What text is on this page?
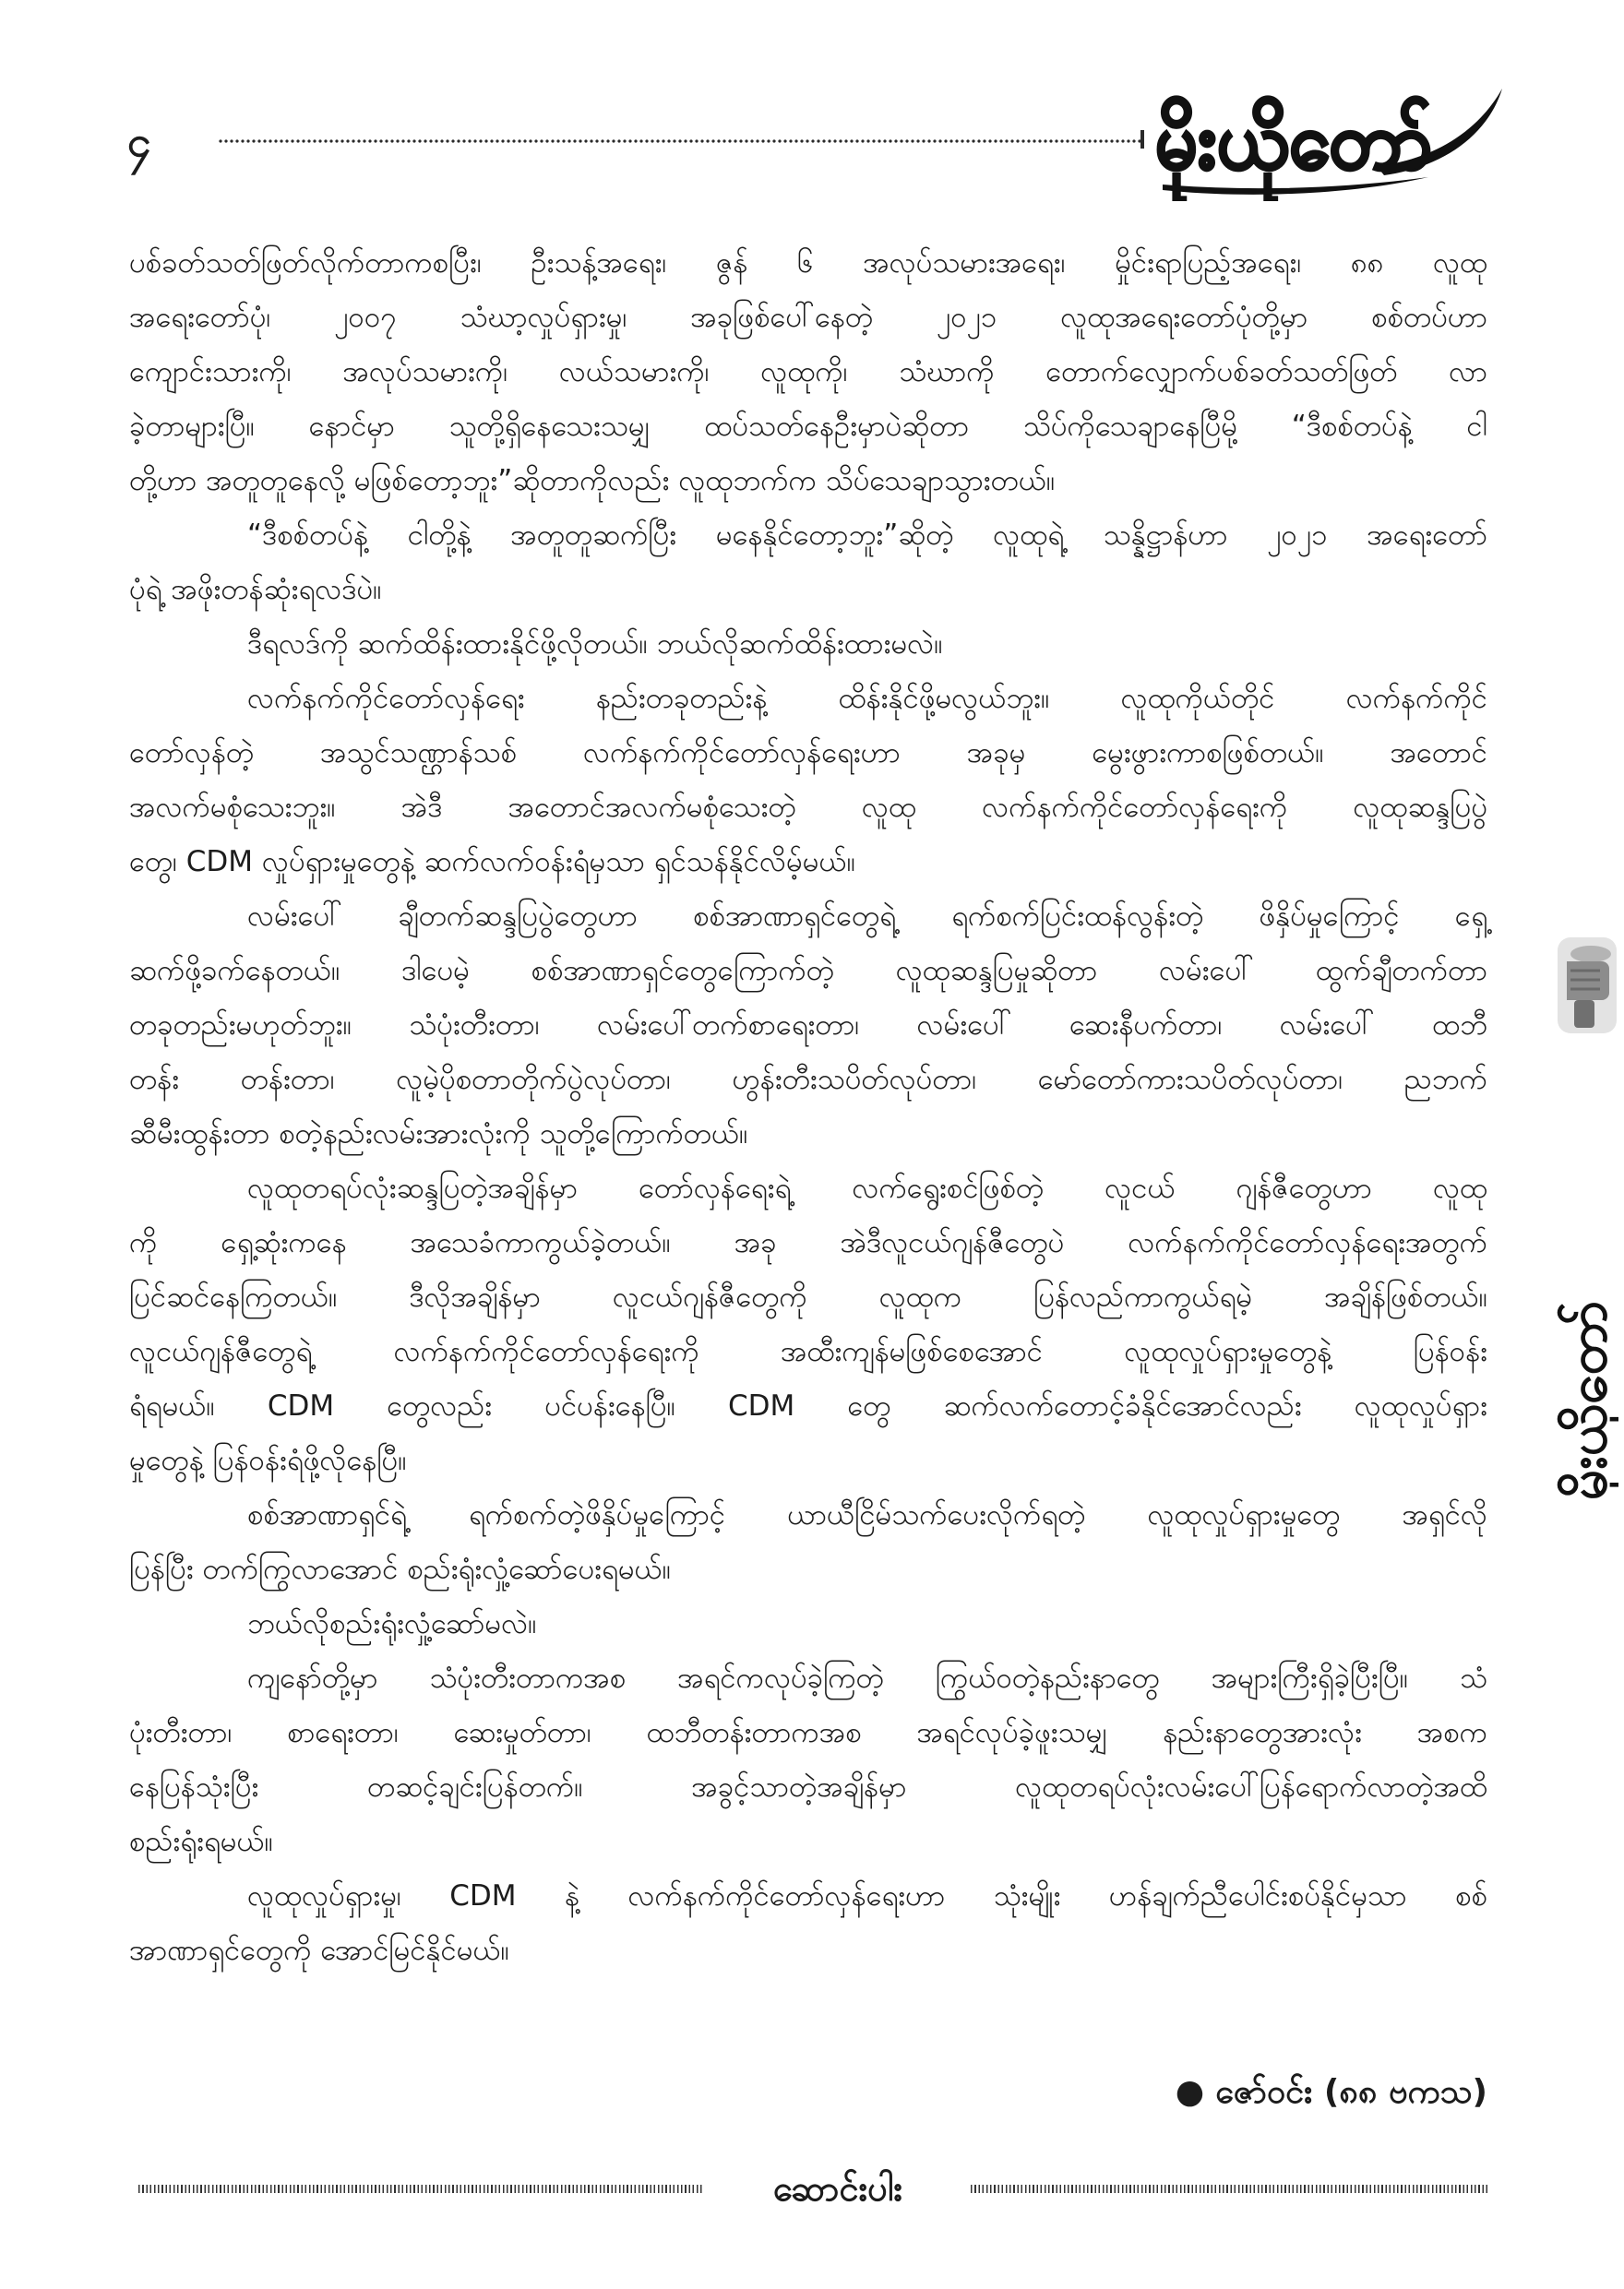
၄	မိုးယိုတော်
ပစ်ခတ်သတ်ဖြတ်လိုက်တာကစပြီး၊ ဦးသန့်အရေး၊ ဇွန် ၆ အလုပ်သမားအရေး၊ မှိုင်းရာပြည့်အရေး၊ ၈၈ လူထု
အရေးတော်ပုံ၊ ၂၀၀၇ သံဃာ့လှုပ်ရှားမှု၊ အခုဖြစ်ပေါ်နေတဲ့ ၂၀၂၁ လူထုအရေးတော်ပုံတို့မှာ စစ်တပ်ဟာ
ကျောင်းသားကို၊ အလုပ်သမားကို၊ လယ်သမားကို၊ လူထုကို၊ သံဃာကို တောက်လျှောက်ပစ်ခတ်သတ်ဖြတ် လာ
ခဲ့တာများပြီ။ နောင်မှာ သူတို့ရှိနေသေးသမျှ ထပ်သတ်နေဦးမှာပဲဆိုတာ သိပ်ကိုသေချာနေပြီမို့ “ဒီစစ်တပ်နဲ့ ငါ
တို့ဟာ အတူတူနေလို့ မဖြစ်တော့ဘူး”ဆိုတာကိုလည်း လူထုဘက်က သိပ်သေချာသွားတယ်။
“ဒီစစ်တပ်နဲ့ ငါတို့နဲ့ အတူတူဆက်ပြီး မနေနိုင်တော့ဘူး”ဆိုတဲ့ လူထုရဲ့ သန္နိဋ္ဌာန်ဟာ ၂၀၂၁ အရေးတော်
ပုံရဲ့ အဖိုးတန်ဆုံးရလဒ်ပဲ။
ဒီရလဒ်ကို ဆက်ထိန်းထားနိုင်ဖို့လိုတယ်။ ဘယ်လိုဆက်ထိန်းထားမလဲ။
လက်နက်ကိုင်တော်လှန်ရေး နည်းတခုတည်းနဲ့ ထိန်းနိုင်ဖို့မလွယ်ဘူး။ လူထုကိုယ်တိုင် လက်နက်ကိုင်
တော်လှန်တဲ့ အသွင်သဏ္ဌာန်သစ် လက်နက်ကိုင်တော်လှန်ရေးဟာ အခုမှ မွေးဖွားကာစဖြစ်တယ်။ အတောင်
အလက်မစုံသေးဘူး။ အဲဒီ အတောင်အလက်မစုံသေးတဲ့ လူထု လက်နက်ကိုင်တော်လှန်ရေးကို လူထုဆန္ဒပြပွဲ
တွေ၊ CDM လှုပ်ရှားမှုတွေနဲ့ ဆက်လက်ဝန်းရံမှသာ ရှင်သန်နိုင်လိမ့်မယ်။
လမ်းပေါ် ချီတက်ဆန္ဒပြပွဲတွေဟာ စစ်အာဏာရှင်တွေရဲ့ ရက်စက်ပြင်းထန်လွန်းတဲ့ ဖိနှိပ်မှုကြောင့် ရှေ့
ဆက်ဖို့ခက်နေတယ်။ ဒါပေမဲ့ စစ်အာဏာရှင်တွေကြောက်တဲ့ လူထုဆန္ဒပြမှုဆိုတာ လမ်းပေါ် ထွက်ချီတက်တာ
တခုတည်းမဟုတ်ဘူး။ သံပုံးတီးတာ၊ လမ်းပေါ်တက်စာရေးတာ၊ လမ်းပေါ် ဆေးနီပက်တာ၊ လမ်းပေါ် ထဘီ
တန်း တန်းတာ၊ လူမဲ့ပိုစတာတိုက်ပွဲလုပ်တာ၊ ဟွန်းတီးသပိတ်လုပ်တာ၊ မော်တော်ကားသပိတ်လုပ်တာ၊ ညဘက်
ဆီမီးထွန်းတာ စတဲ့နည်းလမ်းအားလုံးကို သူတို့ကြောက်တယ်။
လူထုတရပ်လုံးဆန္ဒပြတဲ့အချိန်မှာ တော်လှန်ရေးရဲ့ လက်ရွေးစင်ဖြစ်တဲ့ လူငယ် ဂျန်ဇီတွေဟာ လူထု
ကို ရှေ့ဆုံးကနေ အသေခံကာကွယ်ခဲ့တယ်။ အခု အဲဒီလူငယ်ဂျန်ဇီတွေပဲ လက်နက်ကိုင်တော်လှန်ရေးအတွက်
ပြင်ဆင်နေကြတယ်။ ဒီလိုအချိန်မှာ လူငယ်ဂျန်ဇီတွေကို လူထုက ပြန်လည်ကာကွယ်ရမဲ့ အချိန်ဖြစ်တယ်။
လူငယ်ဂျန်ဇီတွေရဲ့ လက်နက်ကိုင်တော်လှန်ရေးကို အထီးကျန်မဖြစ်စေအောင် လူထုလှုပ်ရှားမှုတွေနဲ့ ပြန်ဝန်း
ရံရမယ်။ CDM တွေလည်း ပင်ပန်းနေပြီ။ CDM တွေ ဆက်လက်တောင့်ခံနိုင်အောင်လည်း လူထုလှုပ်ရှား
မှုတွေနဲ့ ပြန်ဝန်းရံဖို့လိုနေပြီ။
စစ်အာဏာရှင်ရဲ့ ရက်စက်တဲ့ဖိနှိပ်မှုကြောင့် ယာယီငြိမ်သက်ပေးလိုက်ရတဲ့ လူထုလှုပ်ရှားမှုတွေ အရှင်လို
ပြန်ပြီး တက်ကြွလာအောင် စည်းရုံးလှုံ့ဆော်ပေးရမယ်။
ဘယ်လိုစည်းရုံးလှုံ့ဆော်မလဲ။
ကျနော်တို့မှာ သံပုံးတီးတာကအစ အရင်ကလုပ်ခဲ့ကြတဲ့ ကြွယ်ဝတဲ့နည်းနာတွေ အများကြီးရှိခဲ့ပြီးပြီ။ သံ
ပုံးတီးတာ၊ စာရေးတာ၊ ဆေးမှုတ်တာ၊ ထဘီတန်းတာကအစ အရင်လုပ်ခဲ့ဖူးသမျှ နည်းနာတွေအားလုံး အစက
နေပြန်သုံးပြီး တဆင့်ချင်းပြန်တက်။ အခွင့်သာတဲ့အချိန်မှာ လူထုတရပ်လုံးလမ်းပေါ်ပြန်ရောက်လာတဲ့အထိ
စည်းရုံးရမယ်။
လူထုလှုပ်ရှားမှု၊ CDM နဲ့ လက်နက်ကိုင်တော်လှန်ရေးဟာ သုံးမျိုး ဟန်ချက်ညီပေါင်းစပ်နိုင်မှသာ စစ်
အာဏာရှင်တွေကို အောင်မြင်နိုင်မယ်။
● ဇော်ဝင်း (၈၈ ဗကသ)
ဆောင်းပါး
မိုးယိုတော်
